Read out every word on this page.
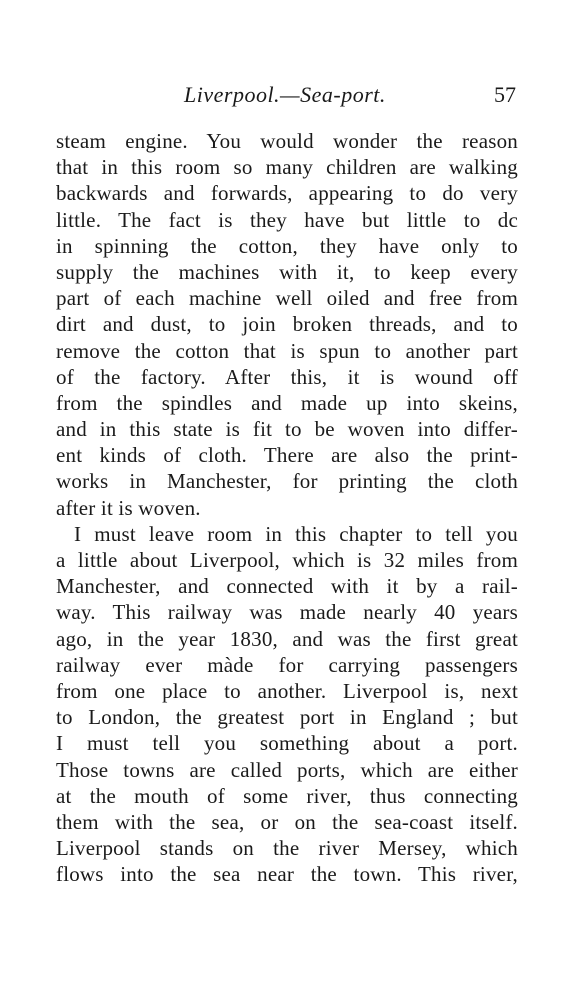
Liverpool.—Sea-port.	57
steam engine. You would wonder the reason
that in this room so many children are walking
backwards and forwards, appearing to do very
little. The fact is they have but little to dc
in spinning the cotton, they have only to
supply the machines with it, to keep every
part of each machine well oiled and free from
dirt and dust, to join broken threads, and to
remove the cotton that is spun to another part
of the factory. After this, it is wound off
from the spindles and made up into skeins,
and in this state is fit to be woven into differ-
ent kinds of cloth. There are also the print-
works in Manchester, for printing the cloth
after it is woven.
I must leave room in this chapter to tell you
a little about Liverpool, which is 32 miles from
Manchester, and connected with it by a rail-
way. This railway was made nearly 40 years
ago, in the year 1830, and was the first great
railway ever màde for carrying passengers
from one place to another. Liverpool is, next
to London, the greatest port in England ; but
I must tell you something about a port.
Those towns are called ports, which are either
at the mouth of some river, thus connecting
them with the sea, or on the sea-coast itself.
Liverpool stands on the river Mersey, which
flows into the sea near the town. This river,
